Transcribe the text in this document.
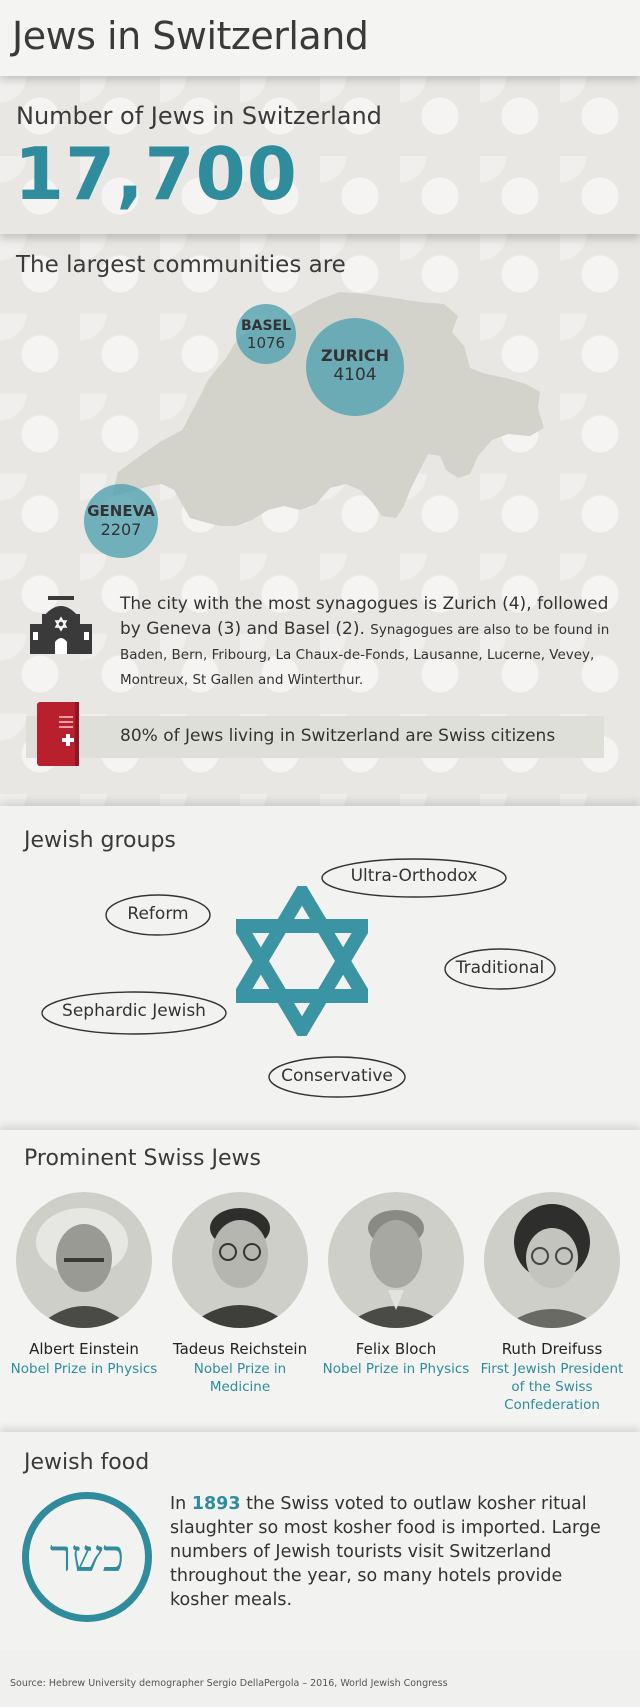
Jews in Switzerland
Number of Jews in Switzerland
17,700
The largest communities are
BASEL
1076
ZURICH
4104
GENEVA
2207
The city with the most synagogues is Zurich (4), followed by Geneva (3) and Basel (2). Synagogues are also to be found in Baden, Bern, Fribourg, La Chaux-de-Fonds, Lausanne, Lucerne, Vevey, Montreux, St Gallen and Winterthur.
80% of Jews living in Switzerland are Swiss citizens
Jewish groups
Ultra-Orthodox
Reform
Traditional
Sephardic Jewish
Conservative
Prominent Swiss Jews
Albert Einstein
Nobel Prize in Physics
Tadeus Reichstein
Nobel Prize in Medicine
Felix Bloch
Nobel Prize in Physics
Ruth Dreifuss
First Jewish President of the Swiss Confederation
Jewish food
כשר
In 1893 the Swiss voted to outlaw kosher ritual slaughter so most kosher food is imported. Large numbers of Jewish tourists visit Switzerland throughout the year, so many hotels provide kosher meals.
Source: Hebrew University demographer Sergio DellaPergola – 2016, World Jewish Congress
